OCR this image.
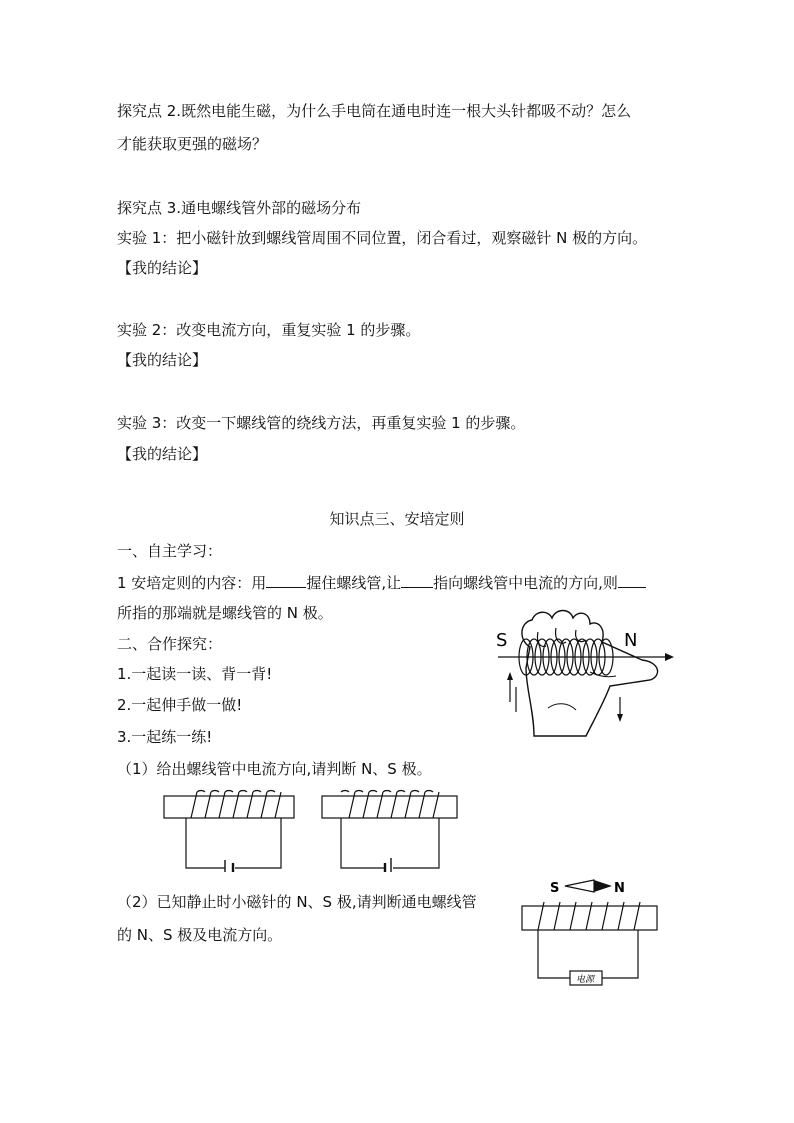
探究点 2.既然电能生磁，为什么手电筒在通电时连一根大头针都吸不动？怎么
才能获取更强的磁场？
探究点 3.通电螺线管外部的磁场分布
实验 1：把小磁针放到螺线管周围不同位置，闭合看过，观察磁针 N 极的方向。
【我的结论】
实验 2：改变电流方向，重复实验 1 的步骤。
【我的结论】
实验 3：改变一下螺线管的绕线方法，再重复实验 1 的步骤。
【我的结论】
知识点三、安培定则
一、自主学习：
1 安培定则的内容：用	握住螺线管,让 指向螺线管中电流的方向,则
所指的那端就是螺线管的 N 极。
二、合作探究：
1.一起读一读、背一背!
2.一起伸手做一做!
3.一起练一练!
（1）给出螺线管中电流方向,请判断 N、S 极。
（2）已知静止时小磁针的 N、S 极,请判断通电螺线管
的 N、S 极及电流方向。
S	N
S	N
电源
